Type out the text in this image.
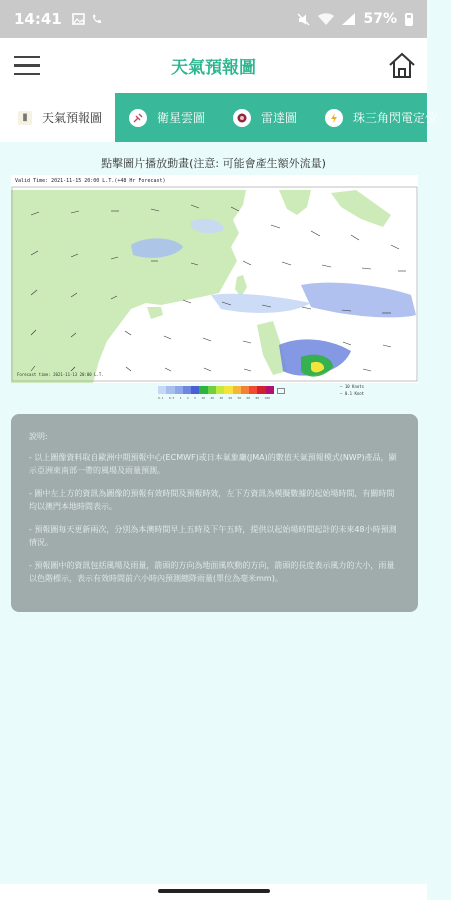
14:41	57%
天氣預報圖
▮	天氣預報圖	衛星雲圖	雷達圖	珠三角閃電定位
點擊圖片播放動畫(注意: 可能會產生額外流量)
Valid Time: 2021-11-15 20:00 L.T.(+48 Hr Forecast)
Forecast time: 2021-11-13 20:00 L.T.
0.1 0.5 1 2 5 10 20 30 40 50 60 80 100
— 10 Knots
— 0.1 Knot

說明:

- 以上圖像資料取自歐洲中期預報中心(ECMWF)或日本氣象廳(JMA)的數值天氣預報模式(NWP)產品，顯示亞洲東南部一帶的風場及雨量預測。

- 圖中左上方的資訊為圖像的預報有效時間及預報時效，左下方資訊為模擬數據的起始場時間，有關時間均以澳門本地時間表示。

- 預報圖每天更新兩次，分別為本澳時間早上五時及下午五時，提供以起始場時間起計的未來48小時預測情況。

- 預報圖中的資訊包括風場及雨量，箭頭的方向為地面風吹動的方向，箭頭的長度表示風力的大小，雨量以色階標示，表示有效時間前六小時內預測總降雨量(單位為毫米mm)。
